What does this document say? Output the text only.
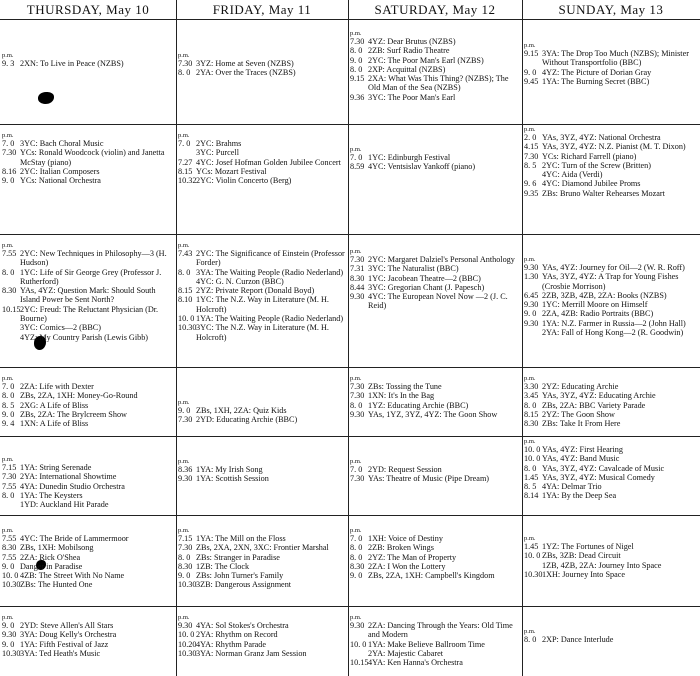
THURSDAY, May 10	FRIDAY, May 11	SATURDAY, May 12	SUNDAY, May 13
p.m.
9. 3 2XN: To Live in Peace (NZBS)
p.m.
7.30 3YZ: Home at Seven (NZBS)
8. 0 2YA: Over the Traces (NZBS)
p.m.
7.30 4YZ: Dear Brutus (NZBS)
8. 0 2ZB: Surf Radio Theatre
9. 0 2YC: The Poor Man's Earl (NZBS)
8. 0 2XP: Acquittal (NZBS)
9.15 2XA: What Was This Thing? (NZBS); The Old Man of the Sea (NZBS)
9.36 3YC: The Poor Man's Earl
p.m.
9.15 3YA: The Drop Too Much (NZBS); Minister Without Transportfolio (BBC)
9. 0 4YZ: The Picture of Dorian Gray
9.45 1YA: The Burning Secret (BBC)
p.m.
7. 0 3YC: Bach Choral Music
7.30 YCs: Ronald Woodcock (violin) and Janetta McStay (piano)
8.16 2YC: Italian Composers
9. 0 YCs: National Orchestra
p.m.
7. 0 2YC: Brahms
3YC: Purcell
7.27 4YC: Josef Hofman Golden Jubilee Concert
8.15 YCs: Mozart Festival
10.32 2YC: Violin Concerto (Berg)
p.m.
7. 0 1YC: Edinburgh Festival
8.59 4YC: Ventsislav Yankoff (piano)
p.m.
2. 0 YAs, 3YZ, 4YZ: National Orchestra
4.15 YAs, 3YZ, 4YZ: N.Z. Pianist (M. T. Dixon)
7.30 YCs: Richard Farrell (piano)
8. 5 2YC: Turn of the Screw (Britten)
4YC: Aida (Verdi)
9. 6 4YC: Diamond Jubilee Proms
9.35 ZBs: Bruno Walter Rehearses Mozart
p.m.
7.55 2YC: New Techniques in Philosophy—3 (H. Hudson)
8. 0 1YC: Life of Sir George Grey (Professor J. Rutherford)
8.30 YAs, 4YZ: Question Mark: Should South Island Power be Sent North?
10.15 2YC: Freud: The Reluctant Physician (Dr. Bourne)
3YC: Comics—2 (BBC)
4YZ: My Country Parish (Lewis Gibb)
p.m.
7.43 2YC: The Significance of Einstein (Professor Forder)
8. 0 3YA: The Waiting People (Radio Nederland)
4YC: G. N. Curzon (BBC)
8.15 2YZ: Private Report (Donald Boyd)
8.10 1YC: The N.Z. Way in Literature (M. H. Holcroft)
10. 0 1YA: The Waiting People (Radio Nederland)
10.30 3YC: The N.Z. Way in Literature (M. H. Holcroft)
p.m.
7.30 2YC: Margaret Dalziel's Personal Anthology
7.31 3YC: The Naturalist (BBC)
8.30 1YC: Jacobean Theatre—2 (BBC)
8.44 3YC: Gregorian Chant (J. Papesch)
9.30 4YC: The European Novel Now —2 (J. C. Reid)
p.m.
9.30 YAs, 4YZ: Journey for Oil—2 (W. R. Roff)
1.30 YAs, 3YZ, 4YZ: A Trap for Young Fishes (Crosbie Morrison)
6.45 2ZB, 3ZB, 4ZB, 2ZA: Books (NZBS)
9.30 1YC: Merrill Moore on Himself
9. 0 2ZA, 4ZB: Radio Portraits (BBC)
9.30 1YA: N.Z. Farmer in Russia—2 (John Hall)
2YA: Fall of Hong Kong—2 (R. Goodwin)
p.m.
7. 0 2ZA: Life with Dexter
8. 0 ZBs, 2ZA, 1XH: Money-Go-Round
8. 5 2XG: A Life of Bliss
9. 0 ZBs, 2ZA: The Brylcreem Show
9. 4 1XN: A Life of Bliss
p.m.
9. 0 ZBs, 1XH, 2ZA: Quiz Kids
7.30 2YD: Educating Archie (BBC)
p.m.
7.30 ZBs: Tossing the Tune
7.30 1XN: It's In the Bag
8. 0 1YZ: Educating Archie (BBC)
9.30 YAs, 1YZ, 3YZ, 4YZ: The Goon Show
p.m.
3.30 2YZ: Educating Archie
3.45 YAs, 3YZ, 4YZ: Educating Archie
8. 0 ZBs, 2ZA: BBC Variety Parade
8.15 2YZ: The Goon Show
8.30 ZBs: Take It From Here
p.m.
7.15 1YA: String Serenade
7.30 2YA: International Showtime
7.55 4YA: Dunedin Studio Orchestra
8. 0 1YA: The Keysters
1YD: Auckland Hit Parade
p.m.
8.36 1YA: My Irish Song
9.30 1YA: Scottish Session
p.m.
7. 0 2YD: Request Session
7.30 YAs: Theatre of Music (Pipe Dream)
p.m.
10. 0 YAs, 4YZ: First Hearing
10. 0 YAs, 4YZ: Band Music
8. 0 YAs, 3YZ, 4YZ: Cavalcade of Music
1.45 YAs, 3YZ, 4YZ: Musical Comedy
8. 5 4YA: Delmar Trio
8.14 1YA: By the Deep Sea
p.m.
7.55 4YC: The Bride of Lammermoor
8.30 ZBs, 1XH: Mobilsong
7.55 2ZA: Rick O'Shea
9. 0 Danger in Paradise
10. 0 4ZB: The Street With No Name
10.30 ZBs: The Hunted One
p.m.
7.15 1YA: The Mill on the Floss
7.30 ZBs, 2XA, 2XN, 3XC: Frontier Marshal
8. 0 ZBs: Stranger in Paradise
8.30 1ZB: The Clock
9. 0 ZBs: John Turner's Family
10.30 3ZB: Dangerous Assignment
p.m.
7. 0 1XH: Voice of Destiny
8. 0 2ZB: Broken Wings
8. 0 2YZ: The Man of Property
8.30 2ZA: I Won the Lottery
9. 0 ZBs, 2ZA, 1XH: Campbell's Kingdom
p.m.
1.45 1YZ: The Fortunes of Nigel
10. 0 ZBs, 3ZB: Dead Circuit
1ZB, 4ZB, 2ZA: Journey Into Space
10.30 1XH: Journey Into Space
p.m.
9. 0 2YD: Steve Allen's All Stars
9.30 3YA: Doug Kelly's Orchestra
9. 0 1YA: Fifth Festival of Jazz
10.30 3YA: Ted Heath's Music
p.m.
9.30 4YA: Sol Stokes's Orchestra
10. 0 2YA: Rhythm on Record
10.20 4YA: Rhythm Parade
10.30 3YA: Norman Granz Jam Session
p.m.
9.30 2ZA: Dancing Through the Years: Old Time and Modern
10. 0 1YA: Make Believe Ballroom Time
2YA: Majestic Cabaret
10.15 4YA: Ken Hanna's Orchestra
p.m.
8. 0 2XP: Dance Interlude
